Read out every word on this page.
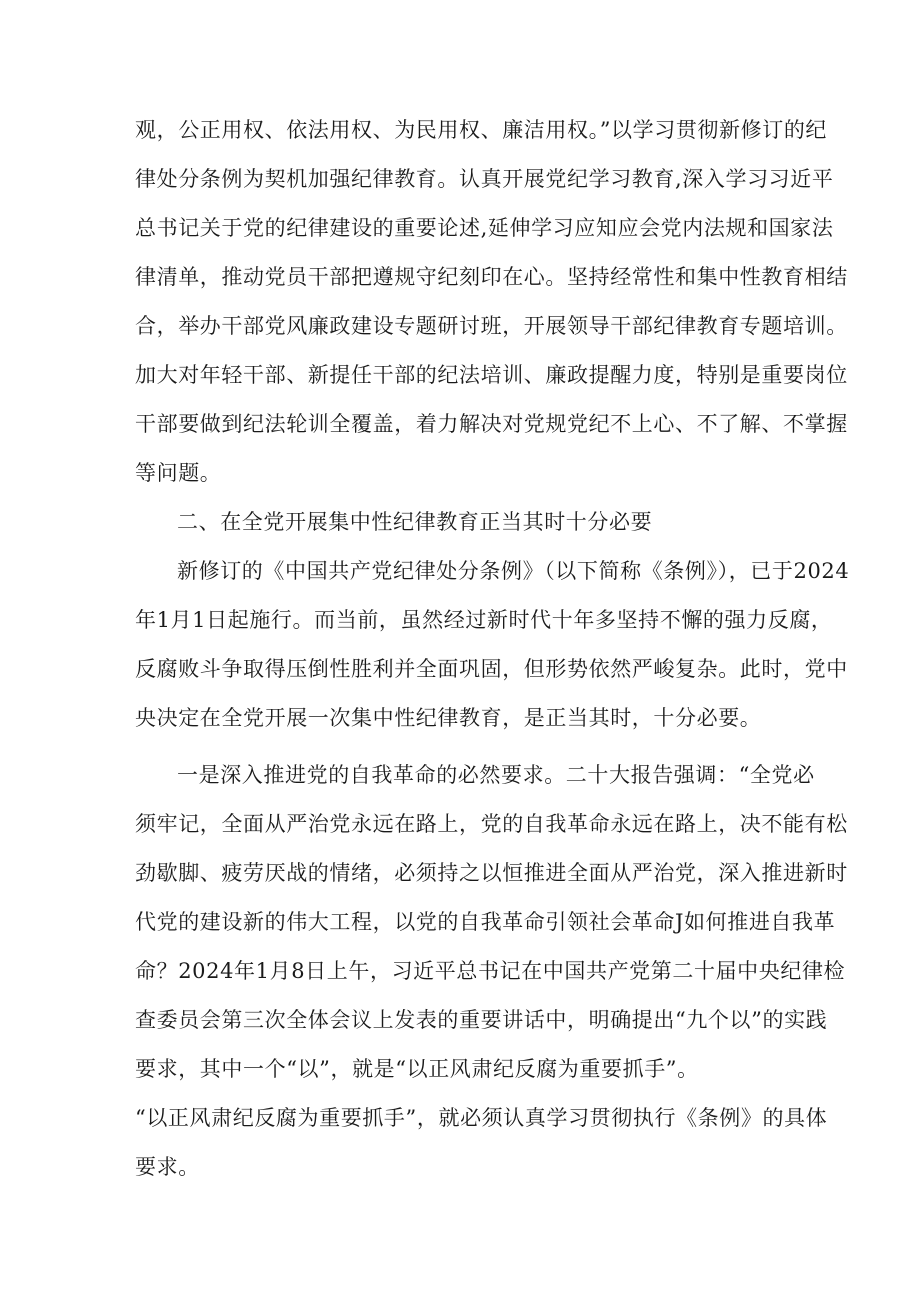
观，公正用权、依法用权、为民用权、廉洁用权。”以学习贯彻新修订的纪
律处分条例为契机加强纪律教育。认真开展党纪学习教育,深入学习习近平
总书记关于党的纪律建设的重要论述,延伸学习应知应会党内法规和国家法
律清单，推动党员干部把遵规守纪刻印在心。坚持经常性和集中性教育相结
合，举办干部党风廉政建设专题研讨班，开展领导干部纪律教育专题培训。
加大对年轻干部、新提任干部的纪法培训、廉政提醒力度，特别是重要岗位
干部要做到纪法轮训全覆盖，着力解决对党规党纪不上心、不了解、不掌握
等问题。
二、在全党开展集中性纪律教育正当其时十分必要
新修订的《中国共产党纪律处分条例》（以下简称《条例》），已于2024
年1月1日起施行。而当前，虽然经过新时代十年多坚持不懈的强力反腐，
反腐败斗争取得压倒性胜利并全面巩固，但形势依然严峻复杂。此时，党中
央决定在全党开展一次集中性纪律教育，是正当其时，十分必要。
一是深入推进党的自我革命的必然要求。二十大报告强调：“全党必
须牢记，全面从严治党永远在路上，党的自我革命永远在路上，决不能有松
劲歇脚、疲劳厌战的情绪，必须持之以恒推进全面从严治党，深入推进新时
代党的建设新的伟大工程，以党的自我革命引领社会革命J如何推进自我革
命？2024年1月8日上午，习近平总书记在中国共产党第二十届中央纪律检
查委员会第三次全体会议上发表的重要讲话中，明确提出“九个以”的实践
要求，其中一个“以”，就是“以正风肃纪反腐为重要抓手”。
“以正风肃纪反腐为重要抓手”，就必须认真学习贯彻执行《条例》的具体
要求。
